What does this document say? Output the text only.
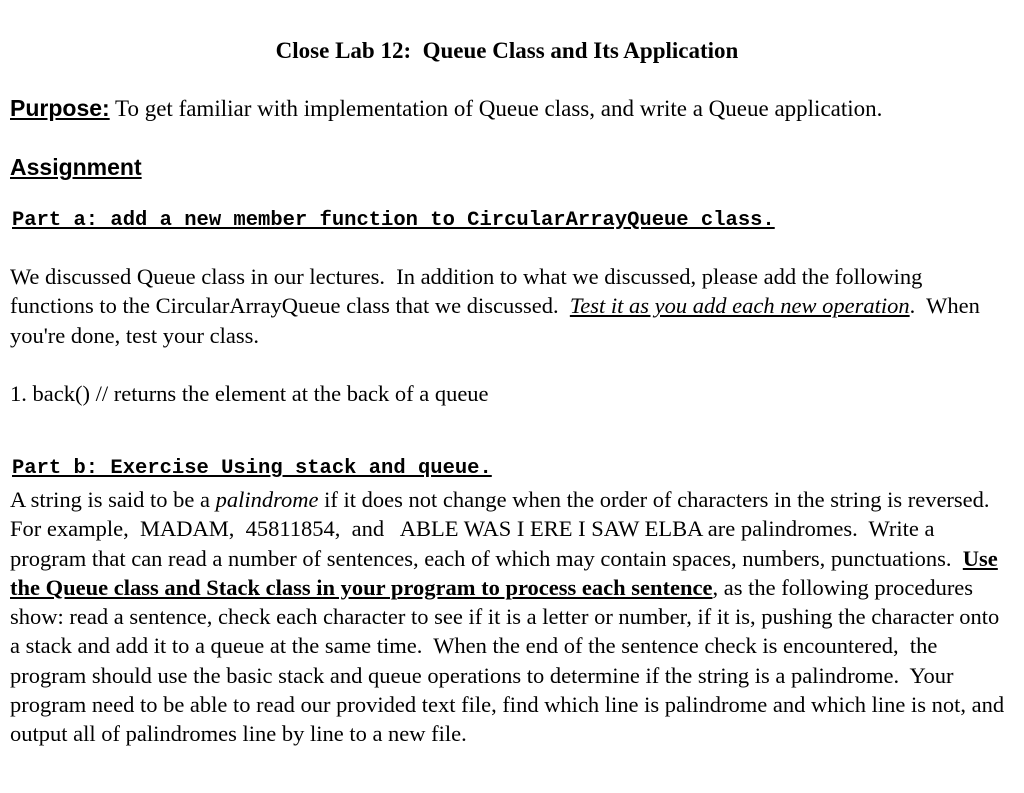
Close Lab 12:  Queue Class and Its Application
Purpose: To get familiar with implementation of Queue class, and write a Queue application.
Assignment
Part a: add a new member function to CircularArrayQueue class.

We discussed Queue class in our lectures.  In addition to what we discussed, please add the following functions to the CircularArrayQueue class that we discussed.  Test it as you add each new operation.  When you're done, test your class.

1. back() // returns the element at the back of a queue

Part b: Exercise Using stack and queue.

A string is said to be a palindrome if it does not change when the order of characters in the string is reversed.  For example,  MADAM,  45811854,  and   ABLE WAS I ERE I SAW ELBA are palindromes.  Write a program that can read a number of sentences, each of which may contain spaces, numbers, punctuations.  Use the Queue class and Stack class in your program to process each sentence, as the following procedures show: read a sentence, check each character to see if it is a letter or number, if it is, pushing the character onto a stack and add it to a queue at the same time.  When the end of the sentence check is encountered,  the program should use the basic stack and queue operations to determine if the string is a palindrome.  Your program need to be able to read our provided text file, find which line is palindrome and which line is not, and output all of palindromes line by line to a new file.
